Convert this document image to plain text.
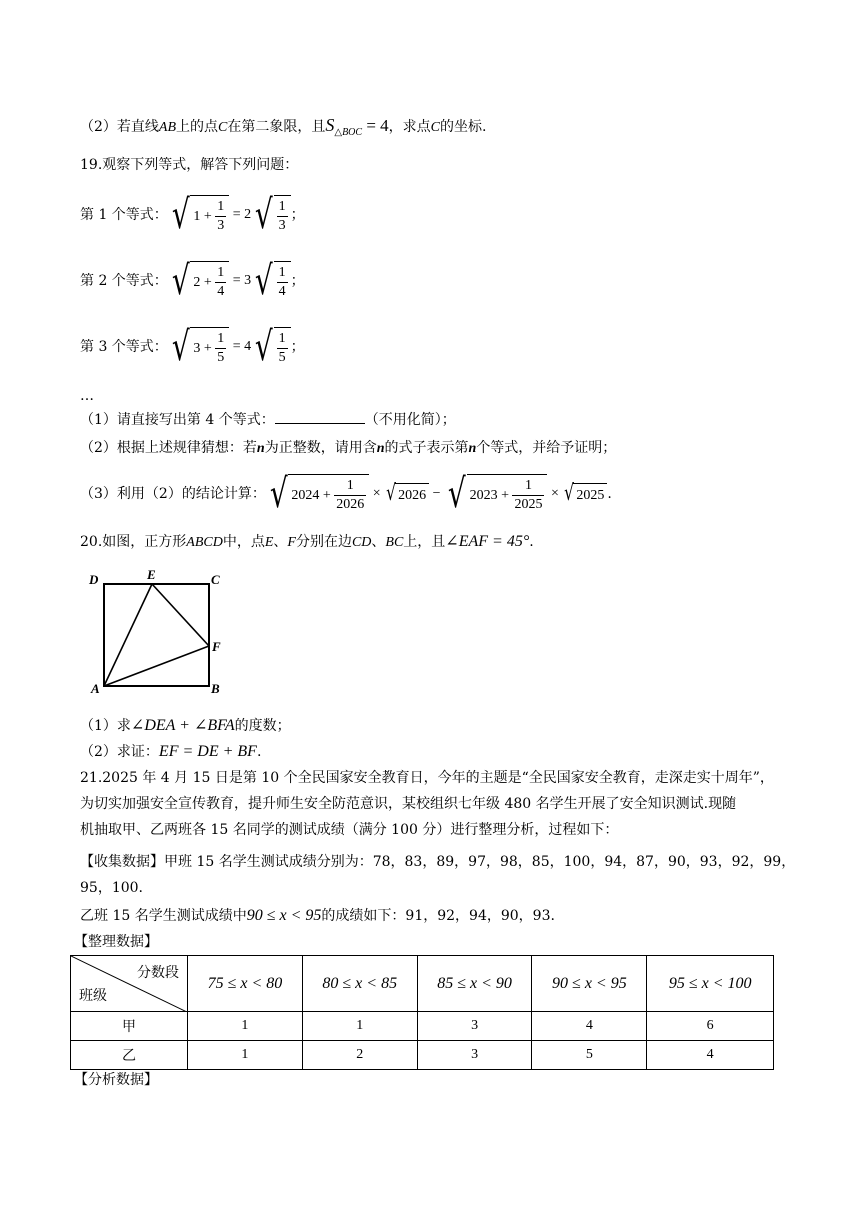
（2）若直线AB上的点C在第二象限，且$S_{\triangle BOC} = 4$，求点C的坐标.
19.观察下列等式，解答下列问题：
第 1 个等式： √ $1 + \frac{1}{3} = 2$ √ $\frac{1}{3}$ ；
第 2 个等式： √ $2 + \frac{1}{4} = 3$ √ $\frac{1}{4}$ ；
第 3 个等式： √ $3 + \frac{1}{5} = 4$ √ $\frac{1}{5}$ ；
…
（1）请直接写出第 4 个等式：	（不用化简）；
（2）根据上述规律猜想：若n为正整数，请用含n的式子表示第n个等式，并给予证明；
（3）利用（2）的结论计算： √ $2024 + \frac{1}{2026}$ × √ 2026 − √ $2023 + \frac{1}{2025}$ × √ 2025 .
20.如图，正方形ABCD中，点E、F分别在边CD、BC上，且∠EAF = 45°.
D	E	C
F
A	B
（1）求∠DEA + ∠BFA的度数；
（2）求证：EF = DE + BF.
21.2025 年 4 月 15 日是第 10 个全民国家安全教育日，今年的主题是“全民国家安全教育，走深走实十周年”，
为切实加强安全宣传教育，提升师生安全防范意识，某校组织七年级 480 名学生开展了安全知识测试.现随
机抽取甲、乙两班各 15 名同学的测试成绩（满分 100 分）进行整理分析，过程如下：
【收集数据】甲班 15 名学生测试成绩分别为：78，83，89，97，98，85，100，94，87，90，93，92，99，
95，100.
乙班 15 名学生测试成绩中90 ≤ x < 95的成绩如下：91，92，94，90，93.
【整理数据】
分数段
班级	75 ≤ x < 80	80 ≤ x < 85	85 ≤ x < 90	90 ≤ x < 95	95 ≤ x < 100
甲	1	1	3	4	6
乙	1	2	3	5	4
【分析数据】
